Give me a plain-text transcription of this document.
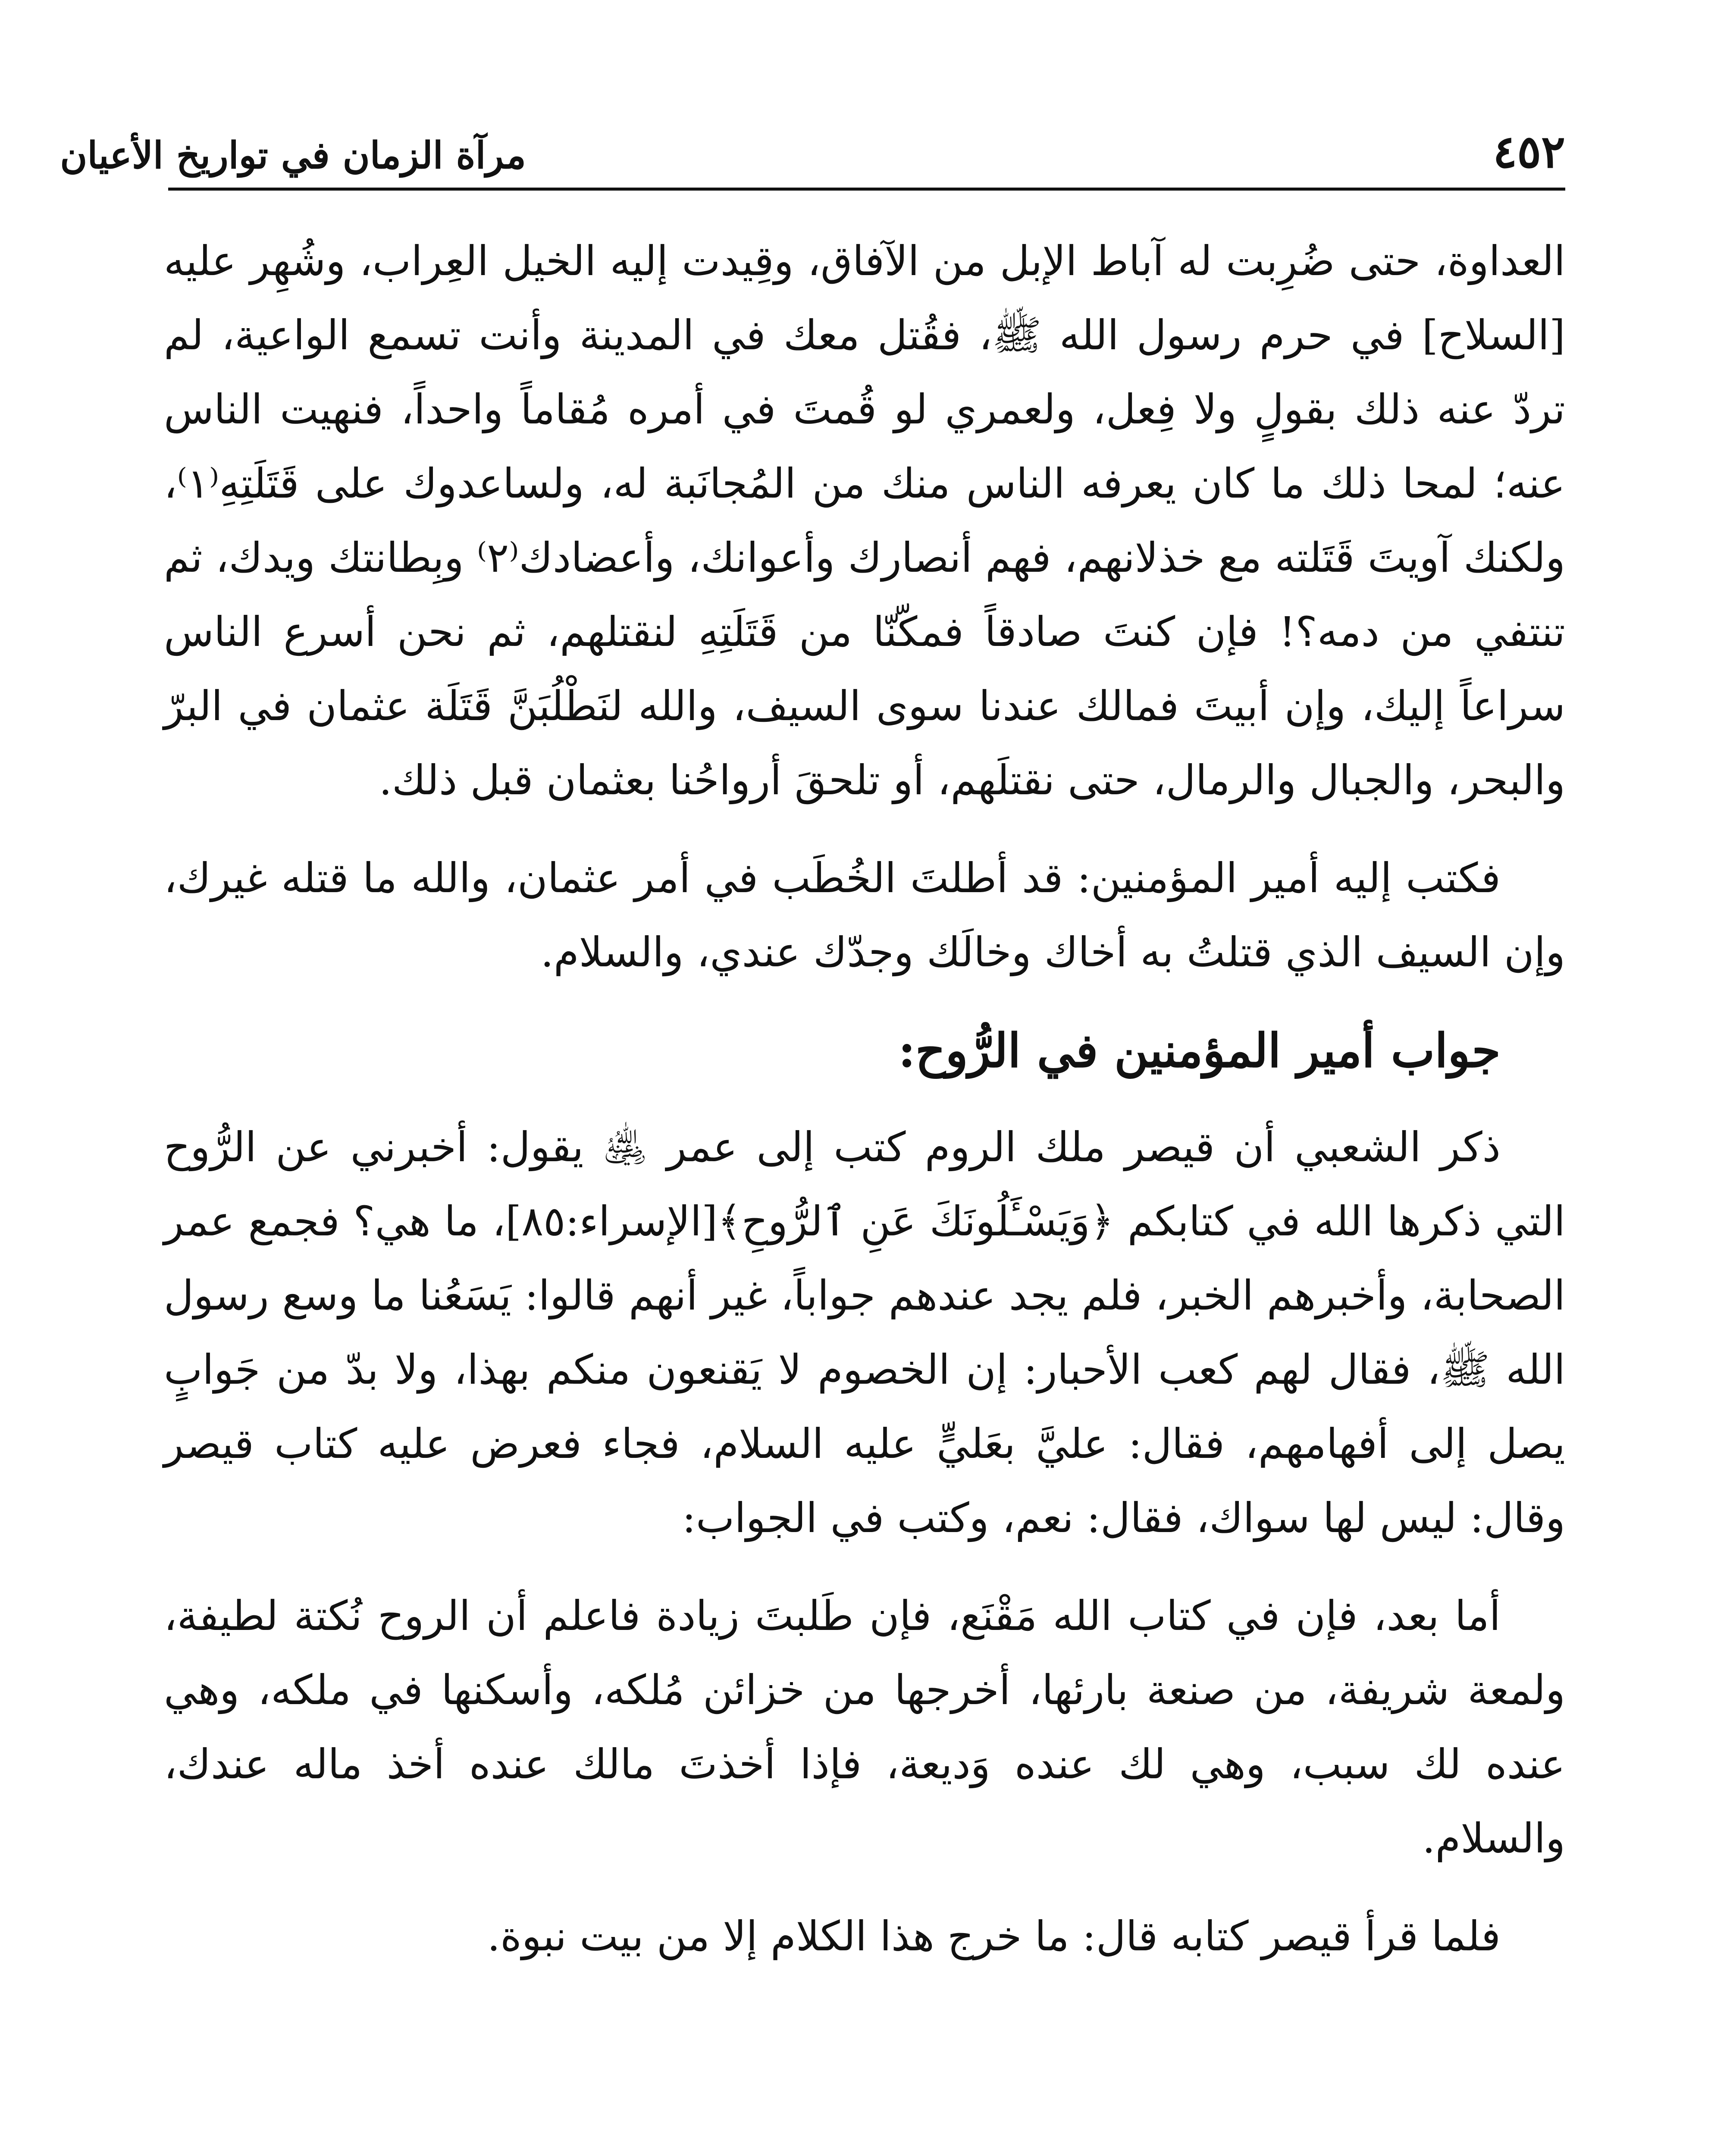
٤٥٢
مرآة الزمان في تواريخ الأعيان

العداوة، حتى ضُرِبت له آباط الإبل من الآفاق، وقِيدت إليه الخيل العِراب، وشُهِر عليه [السلاح] في حرم رسول الله ﷺ، فقُتل معك في المدينة وأنت تسمع الواعية، لم تردّ عنه ذلك بقولٍ ولا فِعل، ولعمري لو قُمتَ في أمره مُقاماً واحداً، فنهيت الناس عنه؛ لمحا ذلك ما كان يعرفه الناس منك من المُجانَبة له، ولساعدوك على قَتَلَتِهِ⁽١⁾، ولكنك آويتَ قَتَلته مع خذلانهم، فهم أنصارك وأعوانك، وأعضادك⁽٢⁾ وبِطانتك ويدك، ثم تنتفي من دمه؟! فإن كنتَ صادقاً فمكّنّا من قَتَلَتِهِ لنقتلهم، ثم نحن أسرع الناس سراعاً إليك، وإن أبيتَ فمالك عندنا سوى السيف، والله لنَطْلُبَنَّ قَتَلَة عثمان في البرّ والبحر، والجبال والرمال، حتى نقتلَهم، أو تلحقَ أرواحُنا بعثمان قبل ذلك.

فكتب إليه أمير المؤمنين: قد أطلتَ الخُطَب في أمر عثمان، والله ما قتله غيرك، وإن السيف الذي قتلتُ به أخاك وخالَك وجدّك عندي، والسلام.

جواب أمير المؤمنين في الرُّوح:

ذكر الشعبي أن قيصر ملك الروم كتب إلى عمر ﵁ يقول: أخبرني عن الرُّوح التي ذكرها الله في كتابكم ﴿وَيَسْـَٔلُونَكَ عَنِ ٱلرُّوحِ﴾[الإسراء:٨٥]، ما هي؟ فجمع عمر الصحابة، وأخبرهم الخبر، فلم يجد عندهم جواباً، غير أنهم قالوا: يَسَعُنا ما وسع رسول الله ﷺ، فقال لهم كعب الأحبار: إن الخصوم لا يَقنعون منكم بهذا، ولا بدّ من جَوابٍ يصل إلى أفهامهم، فقال: عليَّ بعَليٍّ عليه السلام، فجاء فعرض عليه كتاب قيصر وقال: ليس لها سواك، فقال: نعم، وكتب في الجواب:

أما بعد، فإن في كتاب الله مَقْنَع، فإن طَلبتَ زيادة فاعلم أن الروح نُكتة لطيفة، ولمعة شريفة، من صنعة بارئها، أخرجها من خزائن مُلكه، وأسكنها في ملكه، وهي عنده لك سبب، وهي لك عنده وَديعة، فإذا أخذتَ مالك عنده أخذ ماله عندك، والسلام.

فلما قرأ قيصر كتابه قال: ما خرج هذا الكلام إلا من بيت نبوة.
